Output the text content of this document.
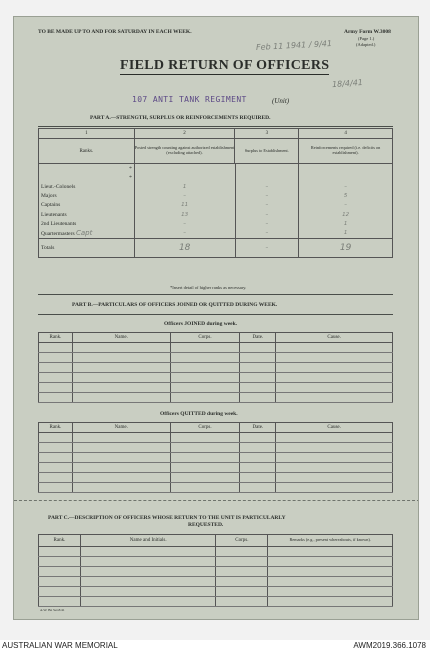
TO BE MADE UP TO AND FOR SATURDAY IN EACH WEEK.	Army Form W.3008
(Page 1.)
(Adapted.)
Feb 11 1941 / 9/41
18/4/41
FIELD RETURN OF OFFICERS
107 ANTI TANK REGIMENT	(Unit)
PART A.—STRENGTH, SURPLUS OR REINFORCEMENTS REQUIRED.
1	2	3	4
Ranks.	Posted strength counting against authorized establishment (excluding attached).	Surplus to Establishment.	Reinforcements required (i.e. deficits on establishment).
*			
*			
Lieut.-Colonels	1	–	–
Majors	–	–	5
Captains	11	–	–
Lieutenants	13	–	12
2nd Lieutenants	–	–	1
Quartermasters Capt	–	–	1
Totals	18	–	19
*Insert detail of higher ranks as necessary.
PART B.—PARTICULARS OF OFFICERS JOINED OR QUITTED DURING WEEK.
Officers JOINED during week.
Rank.	Name.	Corps.	Date.	Cause.

Officers QUITTED during week.
Rank.	Name.	Corps.	Date.	Cause.

PART C.—DESCRIPTION OF OFFICERS WHOSE RETURN TO THE UNIT IS PARTICULARLY
REQUESTED.
Rank.	Name and Initials.	Corps.	Remarks (e.g., present whereabouts, if known).

A.W. Bn Ser.8/41
AUSTRALIAN WAR MEMORIAL	AWM2019.366.1078
